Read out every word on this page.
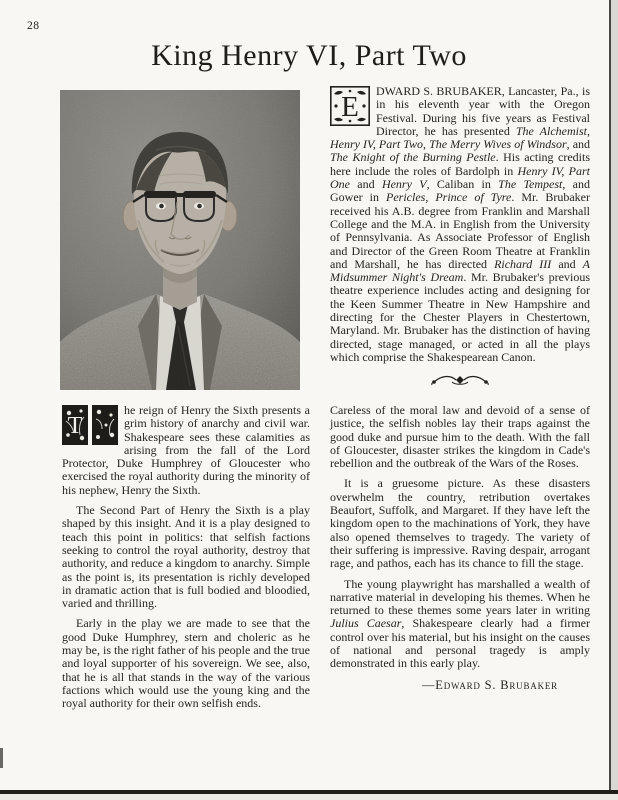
28
King Henry VI, Part Two

E DWARD S. BRUBAKER, Lancaster, Pa., is in his eleventh year with the Oregon Festival. During his five years as Festival Director, he has presented The Alchemist, Henry IV, Part Two, The Merry Wives of Windsor, and The Knight of the Burning Pestle. His acting credits here include the roles of Bardolph in Henry IV, Part One and Henry V, Caliban in The Tempest, and Gower in Pericles, Prince of Tyre. Mr. Brubaker received his A.B. degree from Franklin and Marshall College and the M.A. in English from the University of Pennsylvania. As Associate Professor of English and Director of the Green Room Theatre at Franklin and Marshall, he has directed Richard III and A Midsummer Night's Dream. Mr. Brubaker's previous theatre experience includes acting and designing for the Keen Summer Theatre in New Hampshire and directing for the Chester Players in Chestertown, Maryland. Mr. Brubaker has the distinction of having directed, stage managed, or acted in all the plays which comprise the Shakespearean Canon.

T
he reign of Henry the Sixth presents a grim history of anarchy and civil war. Shakespeare sees these calamities as arising from the fall of the Lord Protector, Duke Humphrey of Gloucester who exercised the royal authority during the minority of his nephew, Henry the Sixth.

The Second Part of Henry the Sixth is a play shaped by this insight. And it is a play designed to teach this point in politics: that selfish factions seeking to control the royal authority, destroy that authority, and reduce a kingdom to anarchy. Simple as the point is, its presentation is richly developed in dramatic action that is full bodied and bloodied, varied and thrilling.

Early in the play we are made to see that the good Duke Humphrey, stern and choleric as he may be, is the right father of his people and the true and loyal supporter of his sovereign. We see, also, that he is all that stands in the way of the various factions which would use the young king and the royal authority for their own selfish ends.

Careless of the moral law and devoid of a sense of justice, the selfish nobles lay their traps against the good duke and pursue him to the death. With the fall of Gloucester, disaster strikes the kingdom in Cade's rebellion and the outbreak of the Wars of the Roses.

It is a gruesome picture. As these disasters overwhelm the country, retribution overtakes Beaufort, Suffolk, and Margaret. If they have left the kingdom open to the machinations of York, they have also opened themselves to tragedy. The variety of their suffering is impressive. Raving despair, arrogant rage, and pathos, each has its chance to fill the stage.

The young playwright has marshalled a wealth of narrative material in developing his themes. When he returned to these themes some years later in writing Julius Caesar, Shakespeare clearly had a firmer control over his material, but his insight on the causes of national and personal tragedy is amply demonstrated in this early play.

—Edward S. Brubaker
